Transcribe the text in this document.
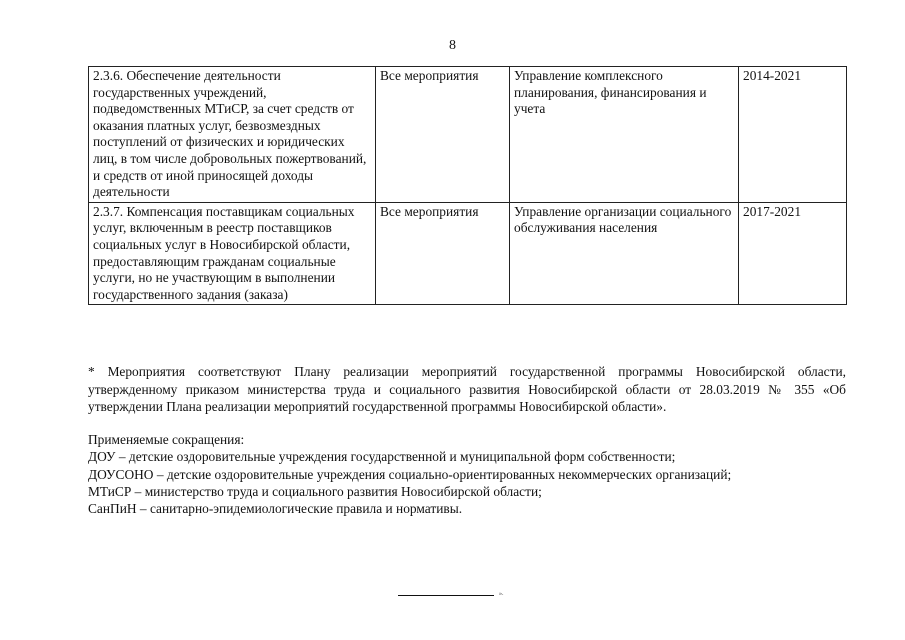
8
2.3.6. Обеспечение деятельности государственных учреждений, подведомственных МТиСР, за счет средств от оказания платных услуг, безвозмездных поступлений от физических и юридических лиц, в том числе добровольных пожертвований, и средств от иной приносящей доходы деятельности	Все мероприятия	Управление комплексного планирования, финансирования и учета	2014-2021
2.3.7. Компенсация поставщикам социальных услуг, включенным в реестр поставщиков социальных услуг в Новосибирской области, предоставляющим гражданам социальные услуги, но не участвующим в выполнении государственного задания (заказа)	Все мероприятия	Управление организации социального обслуживания населения	2017-2021

* Мероприятия соответствуют Плану реализации мероприятий государственной программы Новосибирской области, утвержденному приказом министерства труда и социального развития Новосибирской области от 28.03.2019 № 355 «Об утверждении Плана реализации мероприятий государственной программы Новосибирской области».

Применяемые сокращения:

ДОУ – детские оздоровительные учреждения государственной и муниципальной форм собственности;

ДОУСОНО – детские оздоровительные учреждения социально-ориентированных некоммерческих организаций;

МТиСР – министерство труда и социального развития Новосибирской области;

СанПиН – санитарно-эпидемиологические правила и нормативы.

».
